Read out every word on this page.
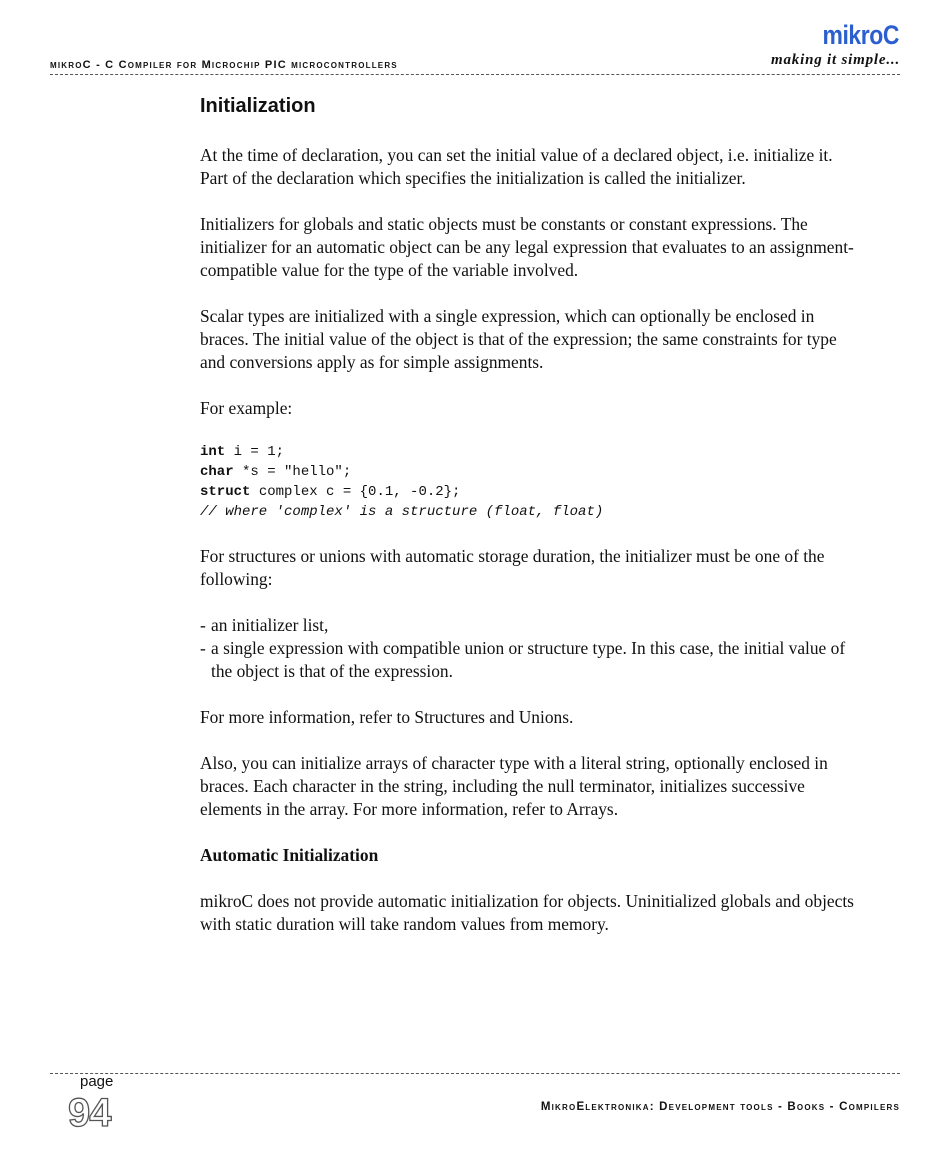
mikroC - C Compiler for Microchip PIC microcontrollers
mikroC
making it simple...
Initialization

At the time of declaration, you can set the initial value of a declared object, i.e. initialize it. Part of the declaration which specifies the initialization is called the initializer.

Initializers for globals and static objects must be constants or constant expressions. The initializer for an automatic object can be any legal expression that evaluates to an assignment-compatible value for the type of the variable involved.

Scalar types are initialized with a single expression, which can optionally be enclosed in braces. The initial value of the object is that of the expression; the same constraints for type and conversions apply as for simple assignments.

For example:

int i = 1;
char *s = "hello";
struct complex c = {0.1, -0.2};
// where 'complex' is a structure (float, float)

For structures or unions with automatic storage duration, the initializer must be one of the following:

- an initializer list,
- a single expression with compatible union or structure type. In this case, the initial value of the object is that of the expression.

For more information, refer to Structures and Unions.

Also, you can initialize arrays of character type with a literal string, optionally enclosed in braces. Each character in the string, including the null terminator, initializes successive elements in the array. For more information, refer to Arrays.

Automatic Initialization

mikroC does not provide automatic initialization for objects. Uninitialized globals and objects with static duration will take random values from memory.

page
94	MikroElektronika: Development tools - Books - Compilers
